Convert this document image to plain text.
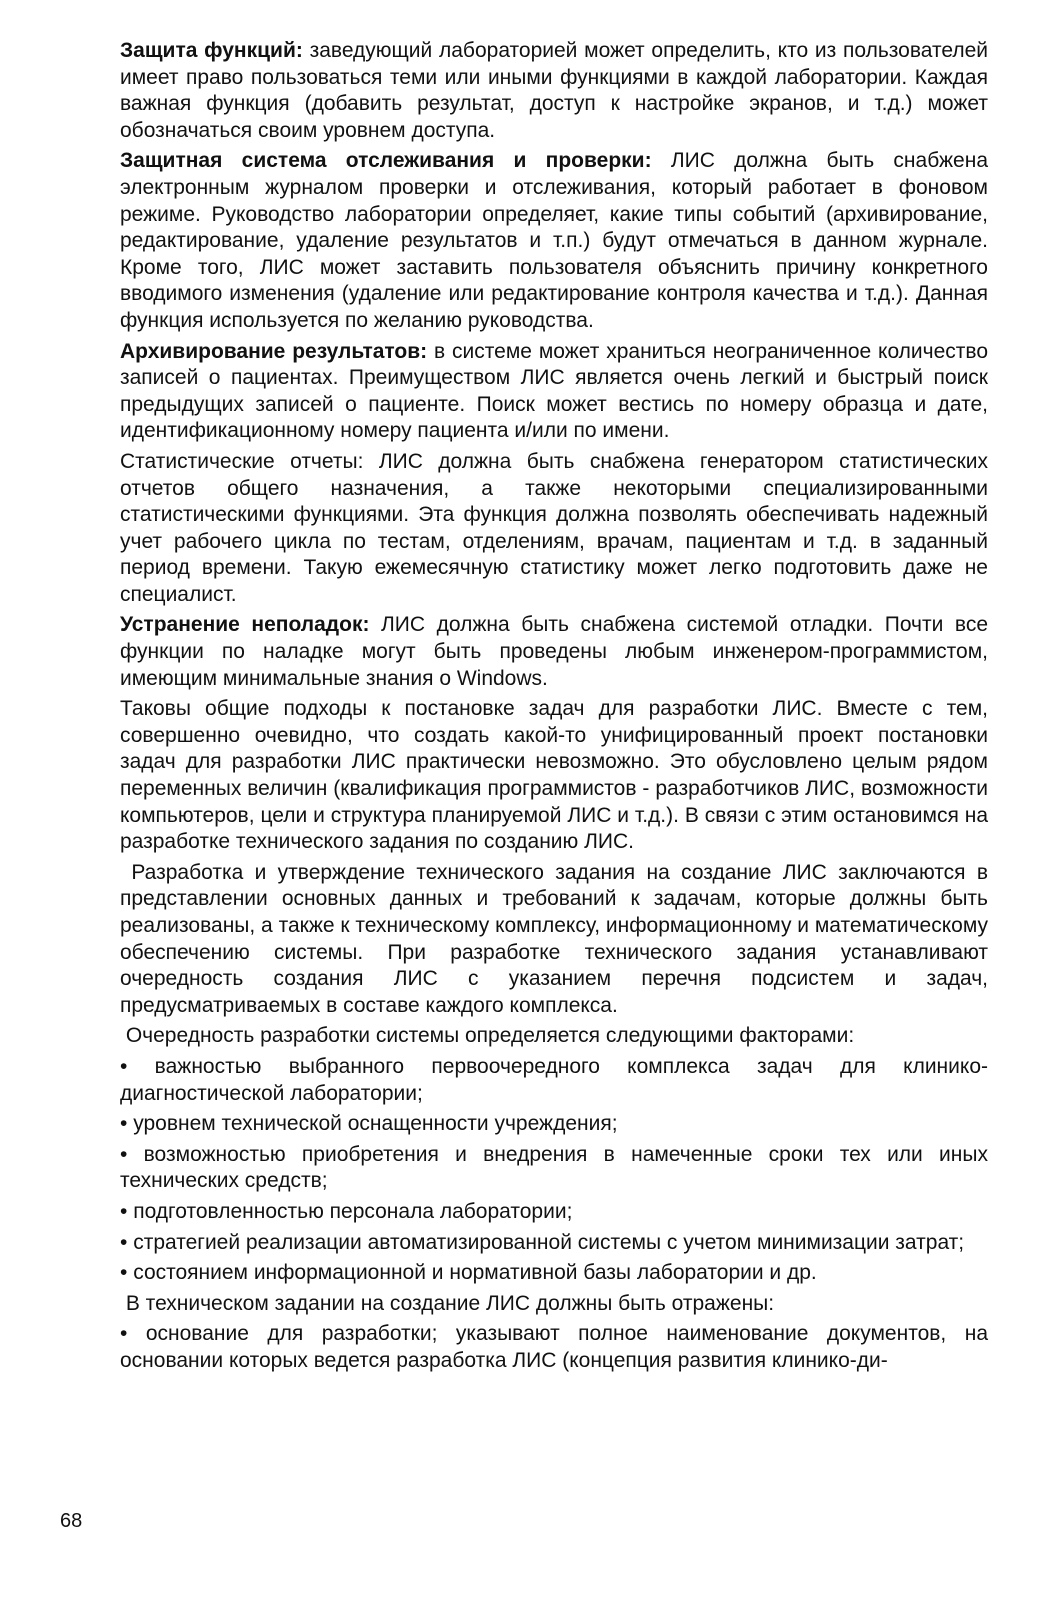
Защита функций: заведующий лабораторией может определить, кто из пользователей имеет право пользоваться теми или иными функциями в каждой лаборатории. Каждая важная функция (добавить результат, доступ к настройке экранов, и т.д.) может обозначаться своим уровнем доступа.

Защитная система отслеживания и проверки: ЛИС должна быть снабжена электронным журналом проверки и отслеживания, который работает в фоновом режиме. Руководство лаборатории определяет, какие типы событий (архивирование, редактирование, удаление результатов и т.п.) будут отмечаться в данном журнале. Кроме того, ЛИС может заставить пользователя объяснить причину конкретного вводимого изменения (удаление или редактирование контроля качества и т.д.). Данная функция используется по желанию руководства.

Архивирование результатов: в системе может храниться неограниченное количество записей о пациентах. Преимуществом ЛИС является очень легкий и быстрый поиск предыдущих записей о пациенте. Поиск может вестись по номеру образца и дате, идентификационному номеру пациента и/или по имени.

Статистические отчеты: ЛИС должна быть снабжена генератором статистических отчетов общего назначения, а также некоторыми специализированными статистическими функциями. Эта функция должна позволять обеспечивать надежный учет рабочего цикла по тестам, отделениям, врачам, пациентам и т.д. в заданный период времени. Такую ежемесячную статистику может легко подготовить даже не специалист.

Устранение неполадок: ЛИС должна быть снабжена системой отладки. Почти все функции по наладке могут быть проведены любым инженером-программистом, имеющим минимальные знания о Windows.

Таковы общие подходы к постановке задач для разработки ЛИС. Вместе с тем, совершенно очевидно, что создать какой-то унифицированный проект постановки задач для разработки ЛИС практически невозможно. Это обусловлено целым рядом переменных величин (квалификация программистов - разработчиков ЛИС, возможности компьютеров, цели и структура планируемой ЛИС и т.д.). В связи с этим остановимся на разработке технического задания по созданию ЛИС.

Разработка и утверждение технического задания на создание ЛИС заключаются в представлении основных данных и требований к задачам, которые должны быть реализованы, а также к техническому комплексу, информационному и математическому обеспечению системы. При разработке технического задания устанавливают очередность создания ЛИС с указанием перечня подсистем и задач, предусматриваемых в составе каждого комплекса.

Очередность разработки системы определяется следующими факторами:

• важностью выбранного первоочередного комплекса задач для клинико-диагностической лаборатории;

• уровнем технической оснащенности учреждения;

• возможностью приобретения и внедрения в намеченные сроки тех или иных технических средств;

• подготовленностью персонала лаборатории;

• стратегией реализации автоматизированной системы с учетом минимизации затрат;

• состоянием информационной и нормативной базы лаборатории и др.

В техническом задании на создание ЛИС должны быть отражены:

• основание для разработки; указывают полное наименование документов, на основании которых ведется разработка ЛИС (концепция развития клинико-ди-

68
